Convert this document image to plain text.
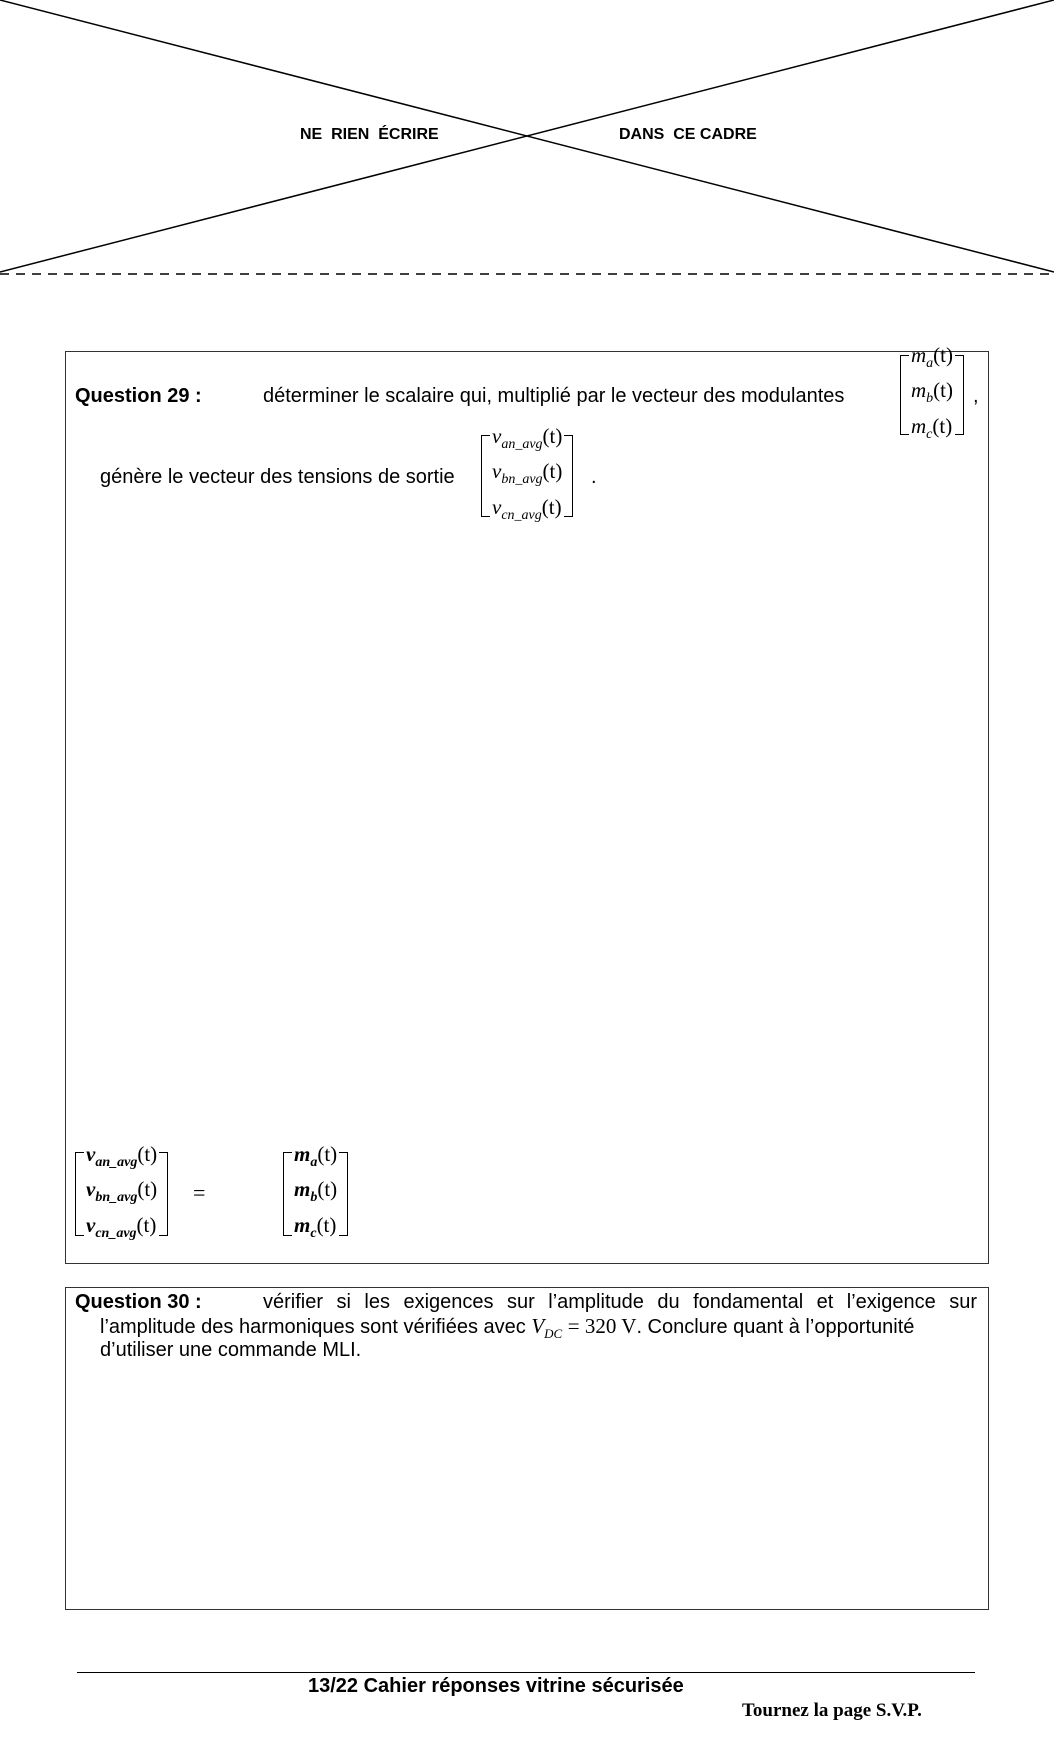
NE  RIEN  ÉCRIRE	DANS  CE CADRE
Question 29 :	déterminer le scalaire qui, multiplié par le vecteur des modulantes
$m_a(t)$
$m_b(t)$
$m_c(t)$
,
génère le vecteur des tensions de sortie
$v_{an\_avg}(t)$
$v_{bn\_avg}(t)$
$v_{cn\_avg}(t)$
.
$v_{an\_avg}(t)$
$v_{bn\_avg}(t)$
$v_{cn\_avg}(t)$
=
$m_a(t)$
$m_b(t)$
$m_c(t)$
Question 30 :	vérifier si les exigences sur l’amplitude du fondamental et l’exigence sur
l’amplitude des harmoniques sont vérifiées avec $V_{DC} = 320$ V. Conclure quant à l’opportunité
d’utiliser une commande MLI.
13/22 Cahier réponses vitrine sécurisée
Tournez la page S.V.P.
